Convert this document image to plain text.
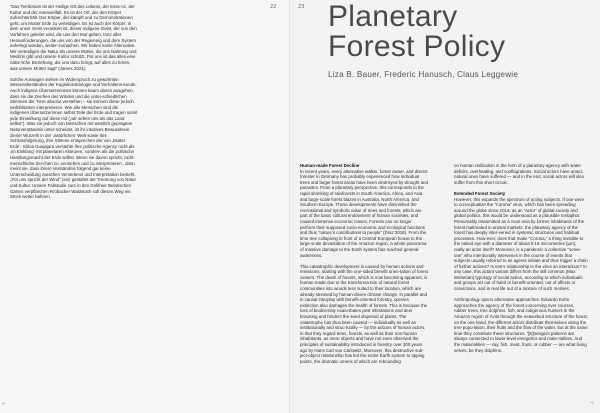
“Das Territorium ist der Heilige Ort des Lebens, der Esse-nz, der Kultur und der Artenvielfalt. Es ist der Ort, der den Körper aufrechterhält. Der Körper, der kämpft und zu Demonstrationen geht, um Mutter Erde zu verteidigen. Es ist auch der Körper, in dem unser Geist verankert ist, dieser indigene Geist, der von den Vorfahren geleitet wird, die uns den Mut geben, trotz aller Herausforderungen, die uns von der Regierung und dem System auferlegt werden, weiter-zumachen. Wir haben keine Alternative. Wir verteidigen die Natur als unsere Mutter, die uns Nahrung und Medizin gibt und unsere Kultur schützt. Für uns ist das alles eine natür-liche Beziehung, die uns dazu bringt, auf alles zu hören, was unsere Mutter sagt” (James 2021).

Solche Aussagen stehen im Widerspruch zu gewohnten Wissensbeständen der Kognitionsbiologie und Verhaltens-kunde. Auch indigene Übersetzerinnen können kaum davon ausgehen, dass sie die Zeichen des Windes und die unter-schiedlichen Stimmen der Tiere absolut verstehen – sie können diese jedoch einfühlsamer interpretieren. Wie alle Menschen sind die indigenen Übersetzerinnen selbst Teile der Erde und tragen somit jede Einwirkung auf diese mit („wir sehen uns als das Land selbst“). Was sie jedoch von Menschen mit westlich geprägtem Naturverständnis unter-scheidet, ist ihr intuitives Bewusstsein dieser Wurzeln in der ‚natürlichen‘ Welt sowie ihre Schlussfolgerung, ihre Stimme entsprechen der von ‚Mutter Erde‘. Sônia Guajajara verstehte ihre politische Agency nicht als ‚im Einklang‘ mit planetaren Akteuren, sondern als die politische Handlungsmacht der Erde selbst. Wenn sie davon spricht, nicht-menschliche Zei-chen zu ‚verstehen und zu interpretieren‘, dann meint sie, dass ihrem Verständnis folgend gar keine Unterscheidung zwischen Verstehens und Interpretation besteht. „Für uns spricht der Wind“ (sie) gestaltet der Trennung von Natur und Kultur. Unsere Fallstudie zum in den Gefilmer Belarischen Garten verpflanzten Rrobacker Waldstück soll diesen Weg ein Stück weiter bahnen.

22	23 Planetary
Forest Policy
Liza B. Bauer, Frederic Hanusch, Claus Leggewie
Human-made Forest Decline

In recent years, every alternative walker, forest owner, and district forester in Germany has probably experienced how individual trees and larger forest areas have been destroyed by drought and parasites. From a planetary perspective, this corresponds to the rapid shrinking of rainforests in South America, Africa, and Asia and large-scale forest blazes in Australia, North America, and Southern Europe. These developments have diminished the recreational and symbolic value of trees and forests, which are part of the basic cultural endowment of human societies, and caused immense economic losses. Forests can no longer perform their supposed socio-economic and ecological functions and thus “nature’s contributions to people” (Díaz 2018). From the time tree collapsing in front of a Central European house to the large-scale devastation of the Amazon region, a whole panorama of massive damage to the Earth system has reached general awareness.

This catastrophic development is caused by human actions and emissions, starting with the one-sided benefit orien-tation of forest owners. The death of forests, which is now becoming apparent, is human-made due to the transforma-tion of natural forest communities into woods less suited to their location, which are already stressed by human-driven climate change. In parallel and in causal interplay with benefit-oriented forestry, species extinction also damages the health of forests. This is because the loss of biodiversity exacerbates pest infestations and deer browsing and hinders the seed dispersal of plants. The catastrophe has thus been caused — individually as well as institutionally and struc-turally — by the actions of human actors, in that they regard trees, forests, as well as their non-human inhabitants, as mere objects and have not even observed the principles of sustainability introduced in forestry over 300 years ago by Hans Carl von Carlowitz. Moreover, this destructive sub-ject-object relationship has led the entire Earth system to tipping points, the dramatic omens of which are rebounding

on human civilization in the form of a planetary agency with water deficits, overheating, and conflagrations. Social actors have acted, natural ones have suffered — and in the end, social actors will also suffer from this short circuit.

Extended Forest Society

However, this expands the spectrum of acting subjects. If one were to conceptualize the “Corona” virus, which has been spreading around the globe since 2019, as an “actor” of global society and global politics, this would be understood as a plausible metaphor. Presumably transmitted as a zoon-osis by former inhabitants of the forest maltreated in animal markets, the planetary agency of the forest has deeply inter-vened in systemic structures and habitual processes. How-ever, does that make “Corona,” a thing invisible to the naked eye with a diameter of about 0.16 micrometres (µm), really an actor itself? Moreover, is a pandemic a collective “some-one” who intentionally intervenes in the course of events that subjects usually referred to as agents initiate and thus trigger a chain of further actions? Is one’s relationship to the virus an interaction? In any case, this actant variant differs from the still common (Max Weberian) typology of social action, according to which individuals and groups act out of habit or benefit-oriented, out of affects or convictions, and in real life out of a mixture of such motives.

Anthropology opens alternative approaches. Eduardo Kohn approaches the agency of the forest concerning river courses, rubber trees, tree dolphins, fish, and indigenous hunters in the Amazon region of Ávila through the networked structure of the forest; on the one hand, the different actors distribute themselves along the tree popu-lation, their fruits and the flow of the water, but at the same time they constitute these structures. “[E]mergent patterns are always connected to lower-level energetics and mate-rialities. And the materialities — say, fish, meat, fruits, or rubber — are what living selves, be they dolphins,

⌐	¬
